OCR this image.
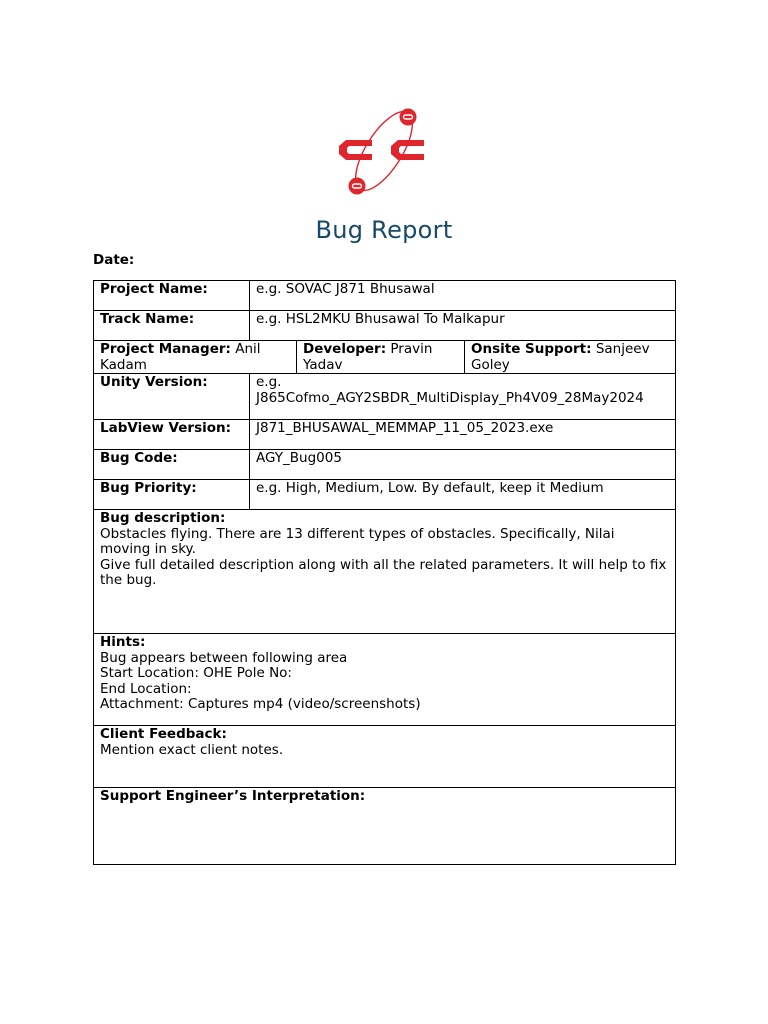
Bug Report
Date:
Project Name:	e.g. SOVAC J871 Bhusawal		
Track Name:	e.g. HSL2MKU Bhusawal To Malkapur		
Project Manager: Anil Kadam		Developer: Pravin Yadav	Onsite Support: Sanjeev Goley
Unity Version:	e.g.
J865Cofmo_AGY2SBDR_MultiDisplay_Ph4V09_28May2024		

LabView Version:	J871_BHUSAWAL_MEMMAP_11_05_2023.exe		
Bug Code:	AGY_Bug005		
Bug Priority:	e.g. High, Medium, Low. By default, keep it Medium		

Bug description:
Obstacles flying. There are 13 different types of obstacles. Specifically, Nilai moving in sky.
Give full detailed description along with all the related parameters. It will help to fix the bug.			

Hints:
Bug appears between following area
Start Location: OHE Pole No:
End Location:
Attachment: Captures mp4 (video/screenshots)			

Client Feedback:
Mention exact client notes.			

Support Engineer’s Interpretation:			
